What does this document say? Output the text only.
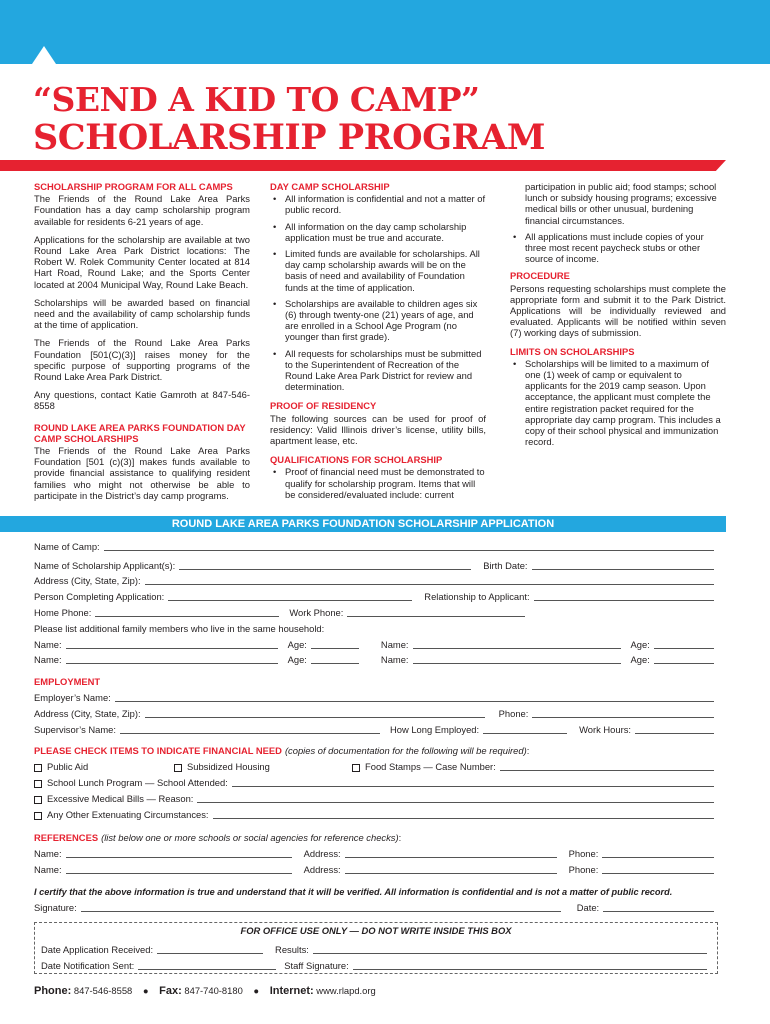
“SEND A KID TO CAMP”
SCHOLARSHIP PROGRAM
SCHOLARSHIP PROGRAM FOR ALL CAMPS
The Friends of the Round Lake Area Parks Foundation has a day camp scholarship program available for residents 6-21 years of age.
Applications for the scholarship are available at two Round Lake Area Park District locations: The Robert W. Rolek Community Center located at 814 Hart Road, Round Lake; and the Sports Center located at 2004 Municipal Way, Round Lake Beach.
Scholarships will be awarded based on financial need and the availability of camp scholarship funds at the time of application.
The Friends of the Round Lake Area Parks Foundation [501(C)(3)] raises money for the specific purpose of supporting programs of the Round Lake Area Park District.
Any questions, contact Katie Gamroth at 847-546-8558
ROUND LAKE AREA PARKS FOUNDATION DAY CAMP SCHOLARSHIPS
The Friends of the Round Lake Area Parks Foundation [501 (c)(3)] makes funds available to provide financial assistance to qualifying resident families who might not otherwise be able to participate in the District’s day camp programs.
DAY CAMP SCHOLARSHIP
• All information is confidential and not a matter of public record.
• All information on the day camp scholarship application must be true and accurate.
• Limited funds are available for scholarships. All day camp scholarship awards will be on the basis of need and availability of Foundation funds at the time of application.
• Scholarships are available to children ages six (6) through twenty-one (21) years of age, and are enrolled in a School Age Program (no younger than first grade).
• All requests for scholarships must be submitted to the Superintendent of Recreation of the Round Lake Area Park District for review and determination.
PROOF OF RESIDENCY
The following sources can be used for proof of residency: Valid Illinois driver’s license, utility bills, apartment lease, etc.
QUALIFICATIONS FOR SCHOLARSHIP
• Proof of financial need must be demonstrated to qualify for scholarship program. Items that will be considered/evaluated include: current
participation in public aid; food stamps; school lunch or subsidy housing programs; excessive medical bills or other unusual, burdening financial circumstances.
• All applications must include copies of your three most recent paycheck stubs or other source of income.
PROCEDURE
Persons requesting scholarships must complete the appropriate form and submit it to the Park District. Applications will be individually reviewed and evaluated. Applicants will be notified within seven (7) working days of submission.
LIMITS ON SCHOLARSHIPS
• Scholarships will be limited to a maximum of one (1) week of camp or equivalent to applicants for the 2019 camp season. Upon acceptance, the applicant must complete the entire registration packet required for the appropriate day camp program. This includes a copy of their school physical and immunization record.
ROUND LAKE AREA PARKS FOUNDATION SCHOLARSHIP APPLICATION
Name of Camp:
Name of Scholarship Applicant(s):	Birth Date:
Address (City, State, Zip):
Person Completing Application:	Relationship to Applicant:
Home Phone:	Work Phone:
Please list additional family members who live in the same household:
Name:	Age:	Name:	Age:
Name:	Age:	Name:	Age:
EMPLOYMENT
Employer’s Name:
Address (City, State, Zip):	Phone:
Supervisor’s Name:	How Long Employed:	Work Hours:
PLEASE CHECK ITEMS TO INDICATE FINANCIAL NEED (copies of documentation for the following will be required) :
Public Aid	Subsidized Housing	Food Stamps — Case Number:
School Lunch Program — School Attended:
Excessive Medical Bills — Reason:
Any Other Extenuating Circumstances:
REFERENCES (list below one or more schools or social agencies for reference checks) :
Name:	Address:	Phone:
Name:	Address:	Phone:
I certify that the above information is true and understand that it will be verified. All information is confidential and is not a matter of public record.
Signature:	Date:
FOR OFFICE USE ONLY — DO NOT WRITE INSIDE THIS BOX
Date Application Received:	Results:
Date Notification Sent:	Staff Signature:
Phone: 847-546-8558 ● Fax: 847-740-8180 ● Internet: www.rlapd.org
